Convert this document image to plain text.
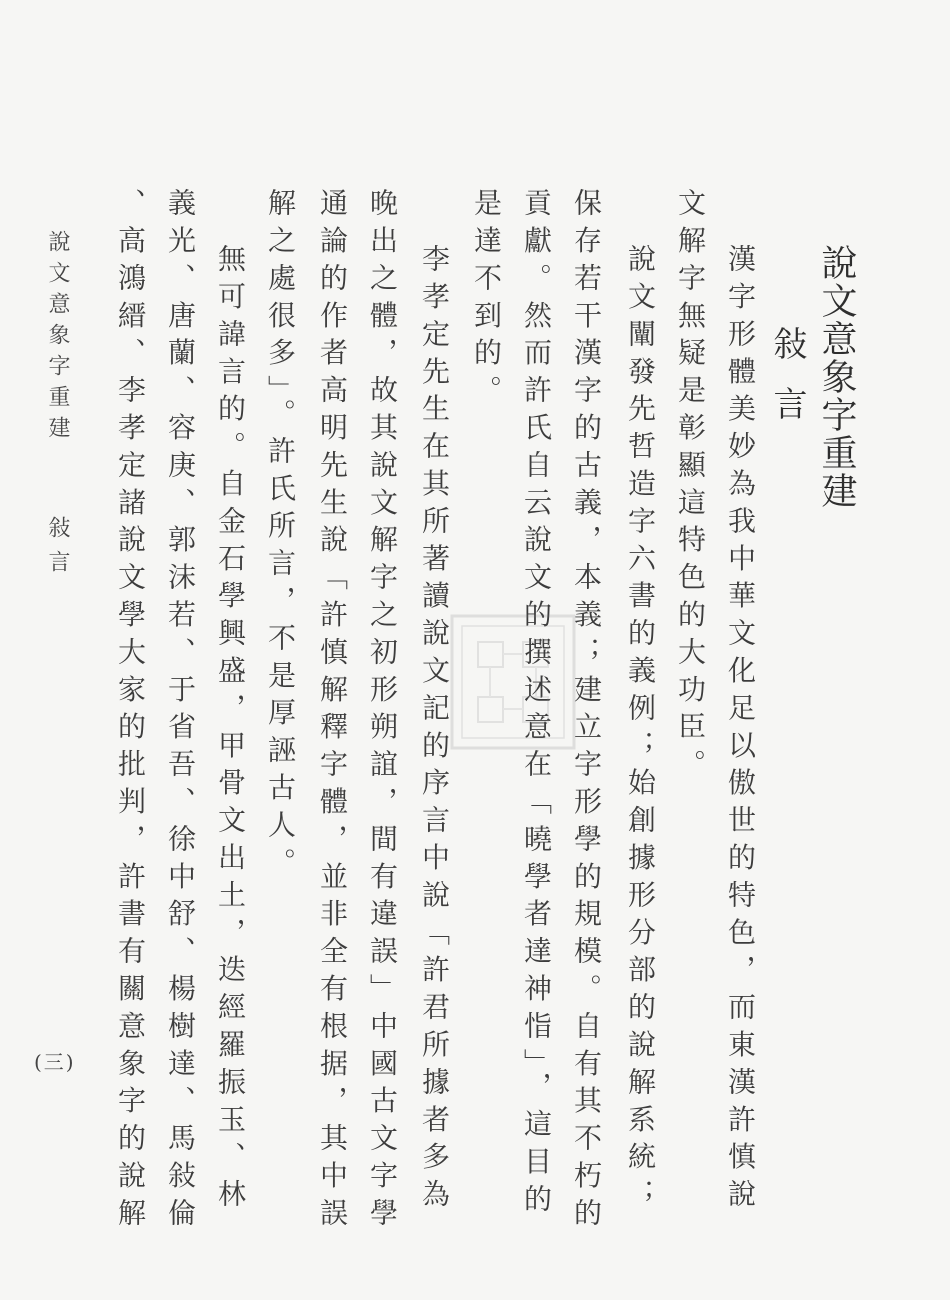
說文意象字重建
敍言
漢字形體美妙為我中華文化足以傲世的特色，而東漢許慎說
文解字無疑是彰顯這特色的大功臣。
說文闡發先哲造字六書的義例；始創據形分部的說解系統；
保存若干漢字的古義，本義；建立字形學的規模。自有其不朽的
貢獻。然而許氏自云說文的撰述意在「曉學者達神恉」，這目的
是達不到的。
李孝定先生在其所著讀說文記的序言中說「許君所據者多為
晚出之體，故其說文解字之初形朔誼，間有違誤」中國古文字學
通論的作者高明先生說「許慎解釋字體，並非全有根据，其中誤
解之處很多」。許氏所言，不是厚誣古人。
無可諱言的。自金石學興盛，甲骨文出土，迭經羅振玉、林
義光、唐蘭、容庚、郭沫若、于省吾、徐中舒、楊樹達、馬敍倫
、高鴻縉、李孝定諸說文學大家的批判，許書有關意象字的說解
說文意象字重建
敍言
(三)
